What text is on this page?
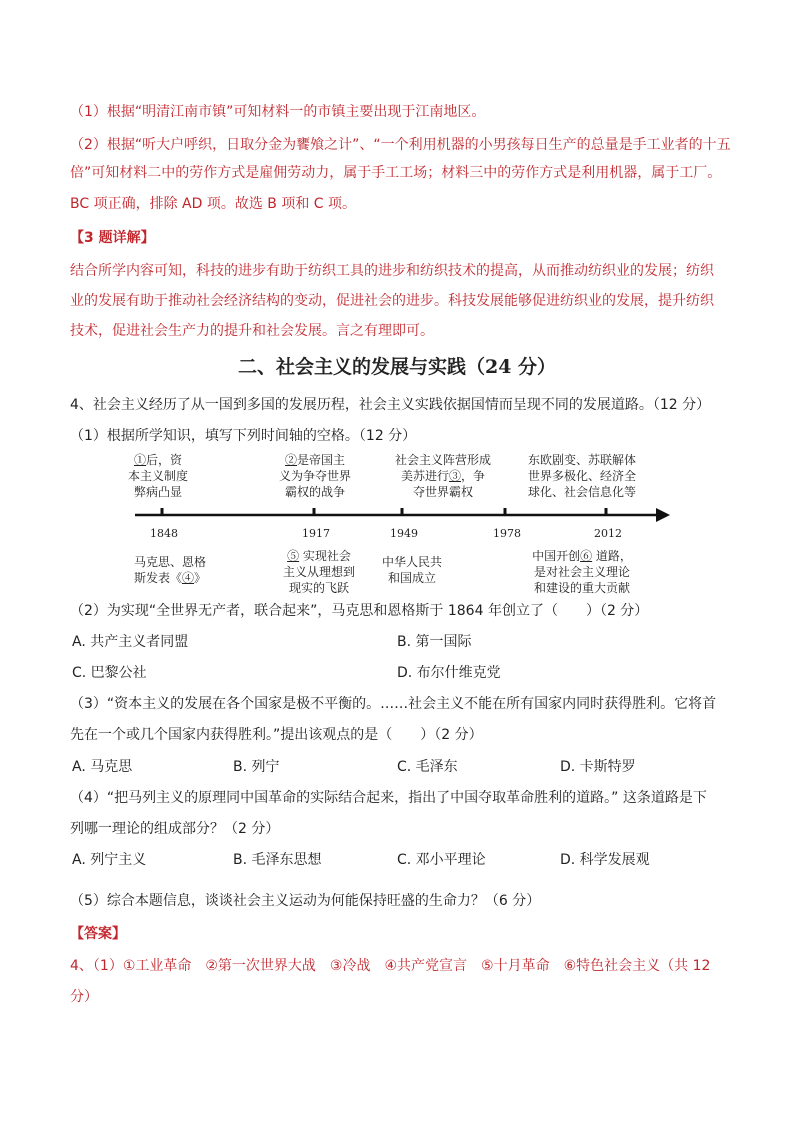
（1）根据“明清江南市镇”可知材料一的市镇主要出现于江南地区。
（2）根据“听大户呼织，日取分金为饔飧之计”、“一个利用机器的小男孩每日生产的总量是手工业者的十五
倍”可知材料二中的劳作方式是雇佣劳动力，属于手工工场；材料三中的劳作方式是利用机器，属于工厂。
BC 项正确，排除 AD 项。故选 B 项和 C 项。
【3 题详解】
结合所学内容可知，科技的进步有助于纺织工具的进步和纺织技术的提高，从而推动纺织业的发展；纺织
业的发展有助于推动社会经济结构的变动，促进社会的进步。科技发展能够促进纺织业的发展，提升纺织
技术，促进社会生产力的提升和社会发展。言之有理即可。
二、社会主义的发展与实践（24 分）
4、社会主义经历了从一国到多国的发展历程，社会主义实践依据国情而呈现不同的发展道路。（12 分）
（1）根据所学知识，填写下列时间轴的空格。（12 分）
①后，资
本主义制度
弊病凸显
②是帝国主
义为争夺世界
霸权的战争
社会主义阵营形成
美苏进行③，争
夺世界霸权
东欧剧变、苏联解体
世界多极化、经济全
球化、社会信息化等
1848	1917	1949	1978	2012
马克思、恩格
斯发表《④》
⑤ 实现社会
主义从理想到
现实的飞跃
中华人民共
和国成立
中国开创⑥ 道路，
是对社会主义理论
和建设的重大贡献
（2）为实现“全世界无产者，联合起来”，马克思和恩格斯于 1864 年创立了（　　）（2 分）
A. 共产主义者同盟	B. 第一国际
C. 巴黎公社	D. 布尔什维克党
（3）“资本主义的发展在各个国家是极不平衡的。……社会主义不能在所有国家内同时获得胜利。它将首
先在一个或几个国家内获得胜利。”提出该观点的是（　　）（2 分）
A. 马克思	B. 列宁	C. 毛泽东	D. 卡斯特罗
（4）“把马列主义的原理同中国革命的实际结合起来，指出了中国夺取革命胜利的道路。” 这条道路是下
列哪一理论的组成部分？（2 分）
A. 列宁主义	B. 毛泽东思想	C. 邓小平理论	D. 科学发展观
（5）综合本题信息，谈谈社会主义运动为何能保持旺盛的生命力？（6 分）
【答案】
4、（1）①工业革命　②第一次世界大战　③冷战　④共产党宣言　⑤十月革命　⑥特色社会主义（共 12
分）
